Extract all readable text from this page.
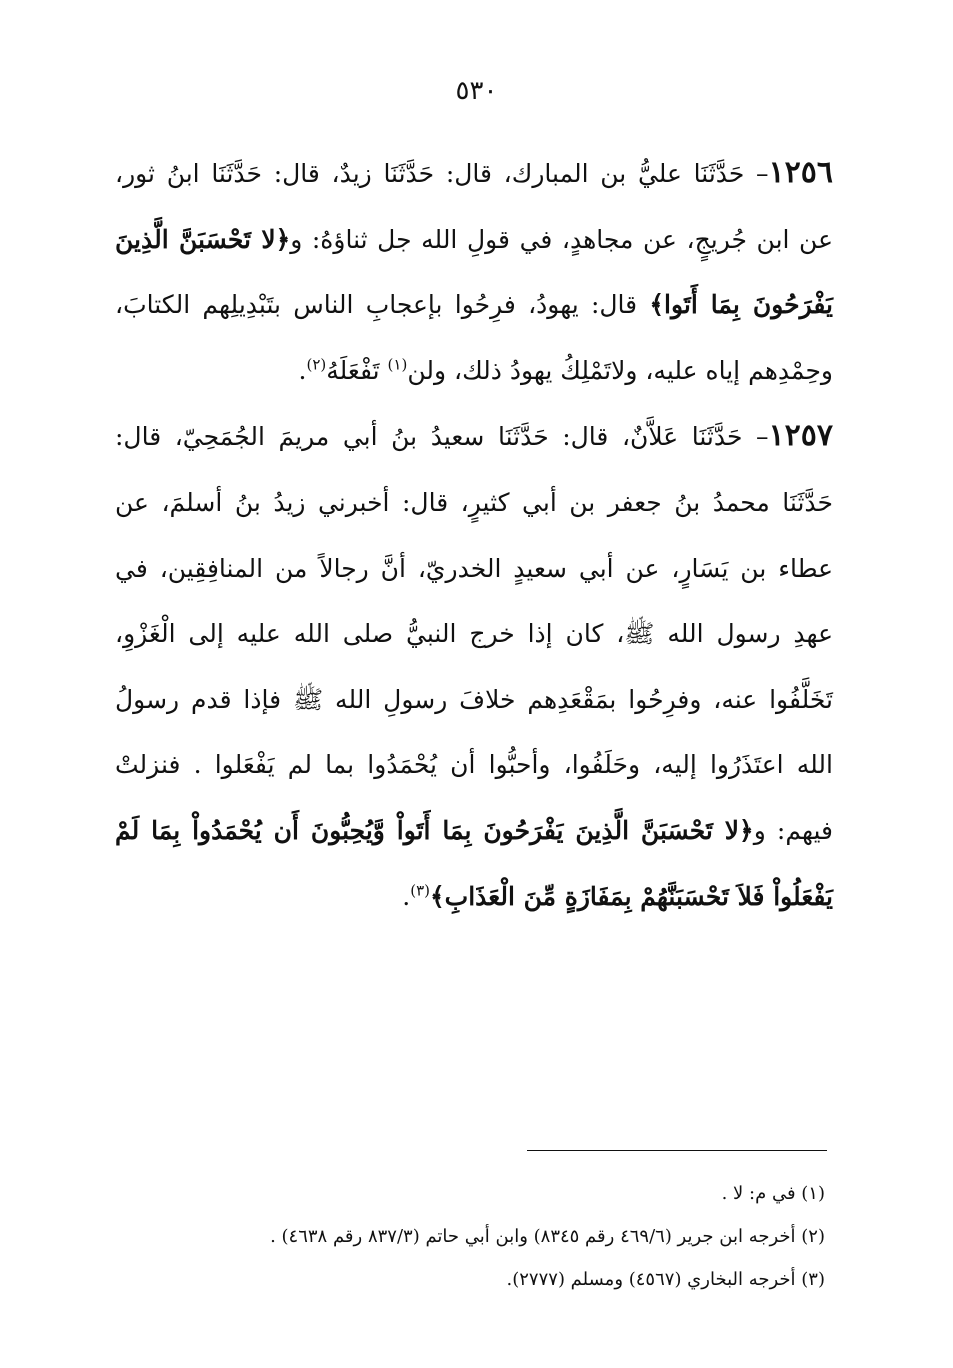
٥٣٠

١٢٥٦– حَدَّثَنَا عليُّ بن المبارك، قال: حَدَّثَنَا زيدٌ، قال: حَدَّثَنَا ابنُ ثور، عن ابن جُريجٍ، عن مجاهدٍ، في قولِ الله جل ثناؤهُ: و﴿لا تَحْسَبَنَّ الَّذِينَ يَفْرَحُونَ بِمَا أَتَوا﴾ قال: يهودُ، فرِحُوا بإعجابِ الناس بتَبْدِيلِهم الكتابَ، وحِمْدِهم إياه عليه، ولاتَمْلِكُ يهودُ ذلك، ولن$^{(١)}$ تَفْعَلَهُ$^{(٢)}$.

١٢٥٧– حَدَّثَنَا عَلاَّنٌ، قال: حَدَّثَنَا سعيدُ بنُ أبي مريمَ الجُمَحِيّ، قال: حَدَّثَنَا محمدُ بنُ جعفر بن أبي كثيرٍ، قال: أخبرني زيدُ بنُ أسلمَ، عن عطاء بن يَسَارٍ، عن أبي سعيدٍ الخدريّ، أنَّ رجالاً من المنافِقِين، في عهدِ رسول الله ﷺ، كان إذا خرج النبيُّ صلى الله عليه إلى الْغَزْوِ، تَخَلَّفُوا عنه، وفرِحُوا بمَقْعَدِهم خلافَ رسولِ الله ﷺ فإذا قدم رسولُ الله اعتَذَرُوا إليه، وحَلَفُوا، وأحبُّوا أن يُحْمَدُوا بما لم يَفْعَلوا . فنزلتْ فيهم: و﴿لا تَحْسَبَنَّ الَّذِينَ يَفْرَحُونَ بِمَا أَتَواْ وَّيُحِبُّونَ أَن يُحْمَدُواْ بِمَا لَمْ يَفْعَلُواْ فَلاَ تَحْسَبَنَّهُمْ بِمَفَازَةٍ مِّنَ الْعَذَابِ﴾$^{(٣)}$.

(١) في م: لا .

(٢) أخرجه ابن جرير (٤٦٩/٦ رقم ٨٣٤٥) وابن أبي حاتم (٨٣٧/٣ رقم ٤٦٣٨) .

(٣) أخرجه البخاري (٤٥٦٧) ومسلم (٢٧٧٧).
